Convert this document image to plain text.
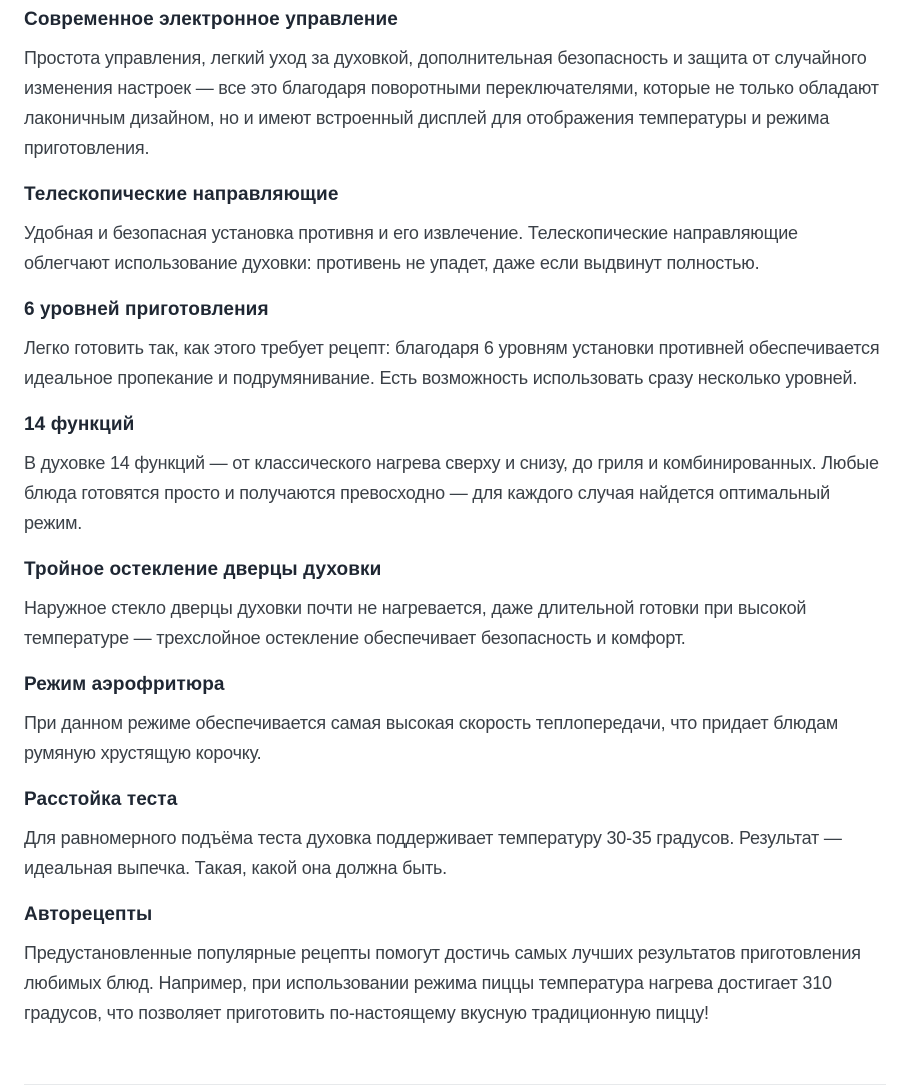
Современное электронное управление

Простота управления, легкий уход за духовкой, дополнительная безопасность и защита от случайного изменения настроек — все это благодаря поворотными переключателями, которые не только обладают лаконичным дизайном, но и имеют встроенный дисплей для отображения температуры и режима приготовления.

Телескопические направляющие

Удобная и безопасная установка противня и его извлечение. Телескопические направляющие облегчают использование духовки: противень не упадет, даже если выдвинут полностью.

6 уровней приготовления

Легко готовить так, как этого требует рецепт: благодаря 6 уровням установки противней обеспечивается идеальное пропекание и подрумянивание. Есть возможность использовать сразу несколько уровней.

14 функций

В духовке 14 функций — от классического нагрева сверху и снизу, до гриля и комбинированных. Любые блюда готовятся просто и получаются превосходно — для каждого случая найдется оптимальный режим.

Тройное остекление дверцы духовки

Наружное стекло дверцы духовки почти не нагревается, даже длительной готовки при высокой температуре — трехслойное остекление обеспечивает безопасность и комфорт.

Режим аэрофритюра

При данном режиме обеспечивается самая высокая скорость теплопередачи, что придает блюдам румяную хрустящую корочку.

Расстойка теста

Для равномерного подъёма теста духовка поддерживает температуру 30-35 градусов. Результат — идеальная выпечка. Такая, какой она должна быть.

Авторецепты

Предустановленные популярные рецепты помогут достичь самых лучших результатов приготовления любимых блюд. Например, при использовании режима пиццы температура нагрева достигает 310 градусов, что позволяет приготовить по-настоящему вкусную традиционную пиццу!
